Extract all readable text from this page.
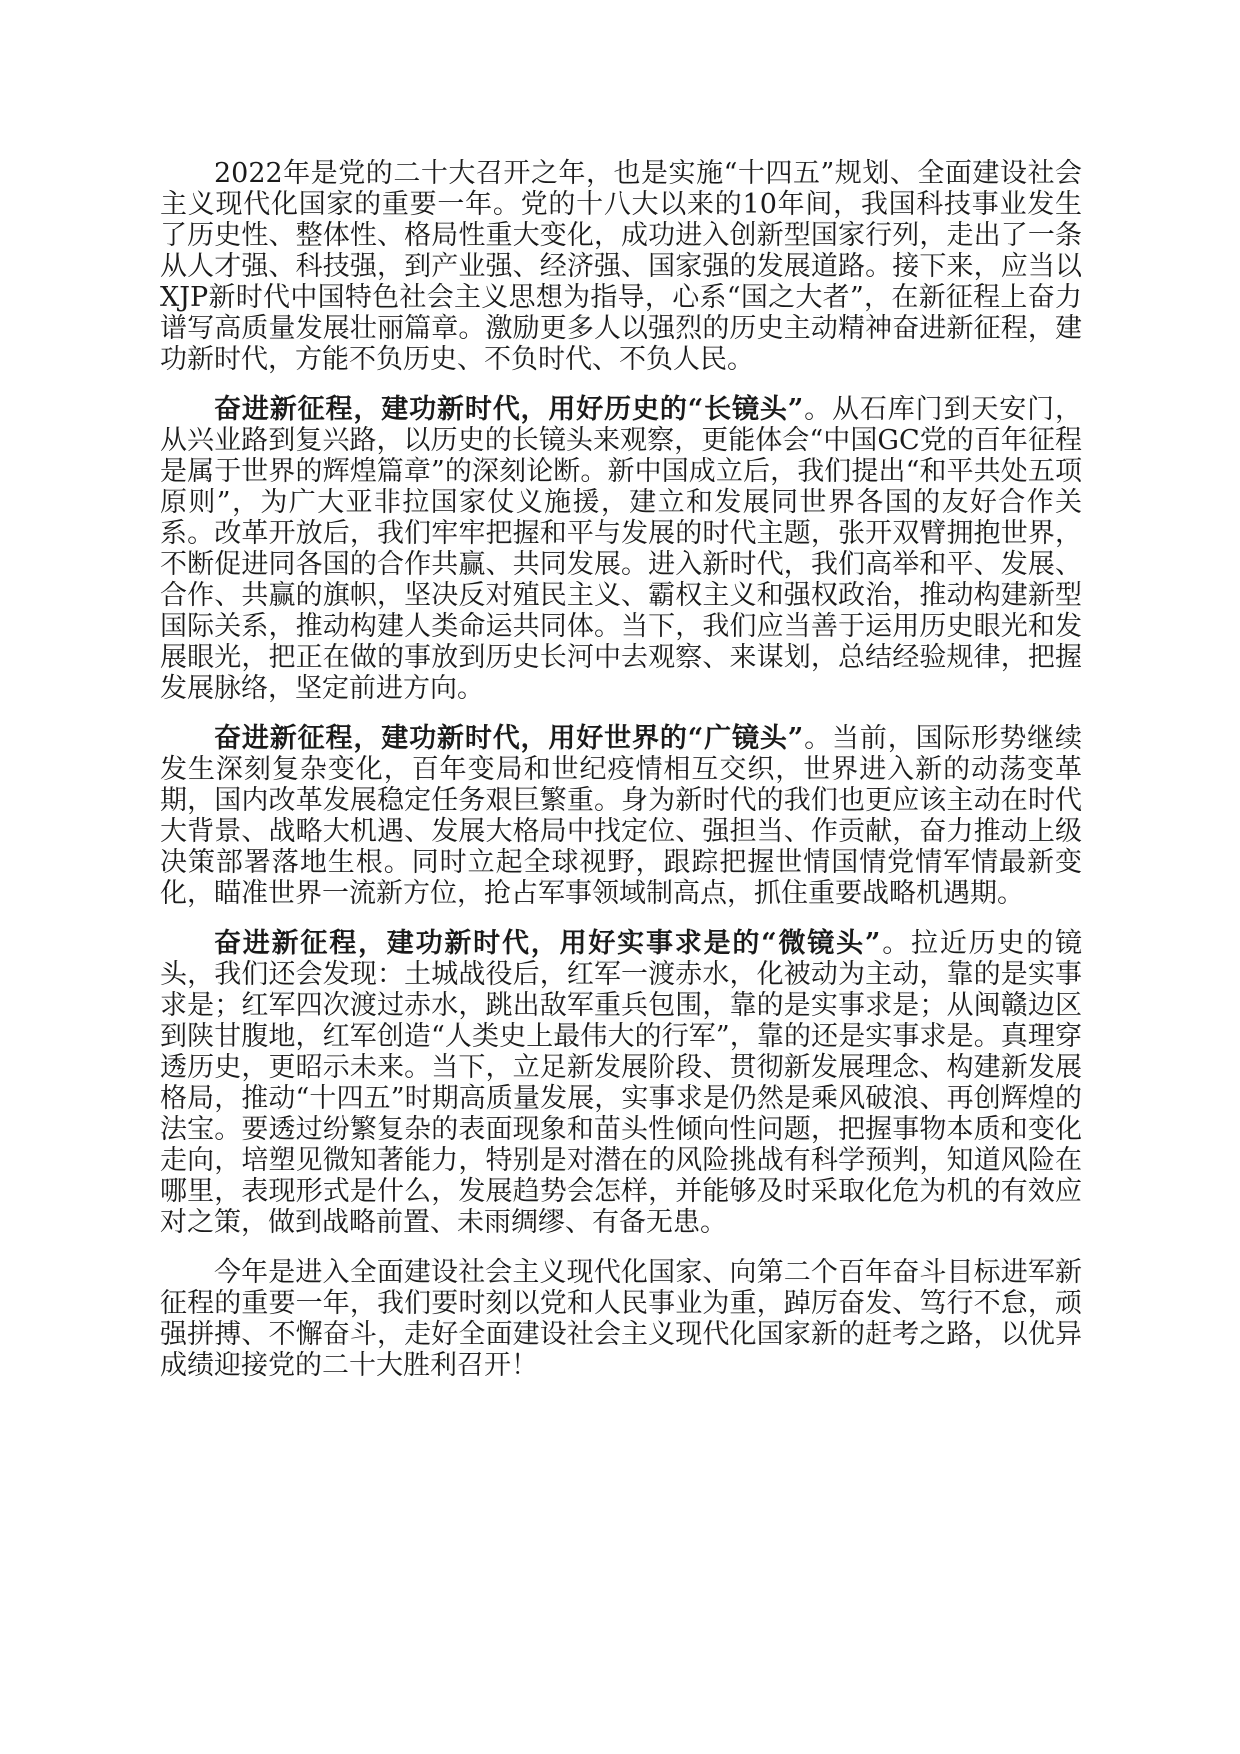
2022年是党的二十大召开之年，也是实施“十四五”规划、全面建设社会主义现代化国家的重要一年。党的十八大以来的10年间，我国科技事业发生了历史性、整体性、格局性重大变化，成功进入创新型国家行列，走出了一条从人才强、科技强，到产业强、经济强、国家强的发展道路。接下来，应当以XJP新时代中国特色社会主义思想为指导，心系“国之大者”，在新征程上奋力谱写高质量发展壮丽篇章。激励更多人以强烈的历史主动精神奋进新征程，建功新时代，方能不负历史、不负时代、不负人民。

奋进新征程，建功新时代，用好历史的“长镜头”。从石库门到天安门，从兴业路到复兴路，以历史的长镜头来观察，更能体会“中国GC党的百年征程是属于世界的辉煌篇章”的深刻论断。新中国成立后，我们提出“和平共处五项原则”，为广大亚非拉国家仗义施援，建立和发展同世界各国的友好合作关系。改革开放后，我们牢牢把握和平与发展的时代主题，张开双臂拥抱世界，不断促进同各国的合作共赢、共同发展。进入新时代，我们高举和平、发展、合作、共赢的旗帜，坚决反对殖民主义、霸权主义和强权政治，推动构建新型国际关系，推动构建人类命运共同体。当下，我们应当善于运用历史眼光和发展眼光，把正在做的事放到历史长河中去观察、来谋划，总结经验规律，把握发展脉络，坚定前进方向。

奋进新征程，建功新时代，用好世界的“广镜头”。当前，国际形势继续发生深刻复杂变化，百年变局和世纪疫情相互交织，世界进入新的动荡变革期，国内改革发展稳定任务艰巨繁重。身为新时代的我们也更应该主动在时代大背景、战略大机遇、发展大格局中找定位、强担当、作贡献，奋力推动上级决策部署落地生根。同时立起全球视野，跟踪把握世情国情党情军情最新变化，瞄准世界一流新方位，抢占军事领域制高点，抓住重要战略机遇期。

奋进新征程，建功新时代，用好实事求是的“微镜头”。拉近历史的镜头，我们还会发现：土城战役后，红军一渡赤水，化被动为主动，靠的是实事求是；红军四次渡过赤水，跳出敌军重兵包围，靠的是实事求是；从闽赣边区到陕甘腹地，红军创造“人类史上最伟大的行军”，靠的还是实事求是。真理穿透历史，更昭示未来。当下，立足新发展阶段、贯彻新发展理念、构建新发展格局，推动“十四五”时期高质量发展，实事求是仍然是乘风破浪、再创辉煌的法宝。要透过纷繁复杂的表面现象和苗头性倾向性问题，把握事物本质和变化走向，培塑见微知著能力，特别是对潜在的风险挑战有科学预判，知道风险在哪里，表现形式是什么，发展趋势会怎样，并能够及时采取化危为机的有效应对之策，做到战略前置、未雨绸缪、有备无患。

今年是进入全面建设社会主义现代化国家、向第二个百年奋斗目标进军新征程的重要一年，我们要时刻以党和人民事业为重，踔厉奋发、笃行不怠，顽强拼搏、不懈奋斗，走好全面建设社会主义现代化国家新的赶考之路，以优异成绩迎接党的二十大胜利召开！
